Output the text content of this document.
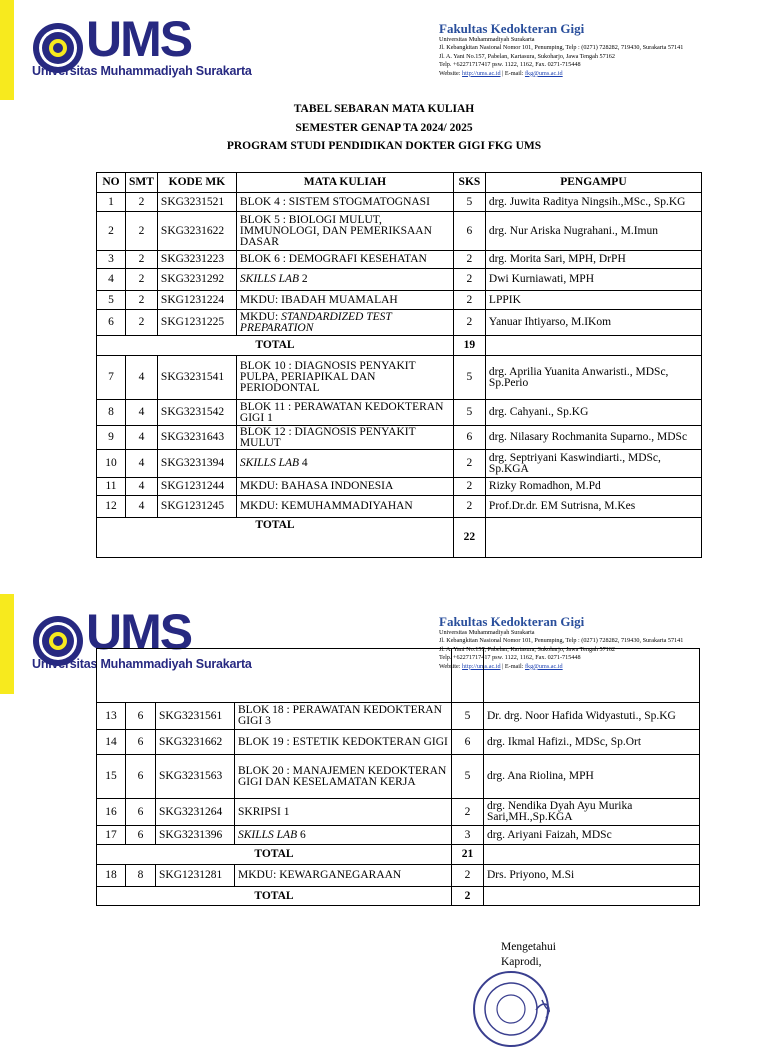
UMS
Universitas Muhammadiyah Surakarta
Fakultas Kedokteran Gigi
Universitas Muhammadiyah Surakarta
Jl. Kebangkitan Nasional Nomor 101, Penumping, Telp : (0271) 728282, 719430, Surakarta 57141
Jl. A. Yani No.157, Pabelan, Kartasura, Sukoharjo, Jawa Tengah 57162
Telp. +62271717417 psw. 1122, 1162, Fax. 0271-715448
Website: http://ums.ac.id | E-mail: fkg@ums.ac.id
TABEL SEBARAN MATA KULIAH
SEMESTER GENAP TA 2024/ 2025
PROGRAM STUDI PENDIDIKAN DOKTER GIGI FKG UMS
NO	SMT	KODE MK	MATA KULIAH	SKS	PENGAMPU
1	2	SKG3231521	BLOK 4 : SISTEM STOGMATOGNASI	5	drg. Juwita Raditya Ningsih.,MSc., Sp.KG
2	2	SKG3231622	BLOK 5 : BIOLOGI MULUT, IMMUNOLOGI, DAN PEMERIKSAAN DASAR	6	drg. Nur Ariska Nugrahani., M.Imun
3	2	SKG3231223	BLOK 6 : DEMOGRAFI KESEHATAN	2	drg. Morita Sari, MPH, DrPH
4	2	SKG3231292	SKILLS LAB 2	2	Dwi Kurniawati, MPH
5	2	SKG1231224	MKDU: IBADAH MUAMALAH	2	LPPIK
6	2	SKG1231225	MKDU: STANDARDIZED TEST PREPARATION	2	Yanuar Ihtiyarso, M.IKom
TOTAL				19	
7	4	SKG3231541	BLOK 10 : DIAGNOSIS PENYAKIT PULPA, PERIAPIKAL DAN PERIODONTAL	5	drg. Aprilia Yuanita Anwaristi., MDSc, Sp.Perio
8	4	SKG3231542	BLOK 11 : PERAWATAN KEDOKTERAN GIGI 1	5	drg. Cahyani., Sp.KG
9	4	SKG3231643	BLOK 12 : DIAGNOSIS PENYAKIT MULUT	6	drg. Nilasary Rochmanita Suparno., MDSc
10	4	SKG3231394	SKILLS LAB 4	2	drg. Septriyani Kaswindiarti., MDSc, Sp.KGA
11	4	SKG1231244	MKDU: BAHASA INDONESIA	2	Rizky Romadhon, M.Pd
12	4	SKG1231245	MKDU: KEMUHAMMADIYAHAN	2	Prof.Dr.dr. EM Sutrisna, M.Kes
TOTAL				22	
UMS
Universitas Muhammadiyah Surakarta
Fakultas Kedokteran Gigi
Universitas Muhammadiyah Surakarta
Jl. Kebangkitan Nasional Nomor 101, Penumping, Telp : (0271) 728282, 719430, Surakarta 57141
Jl. A. Yani No.157, Pabelan, Kartasura, Sukoharjo, Jawa Tengah 57162
Telp. +62271717417 psw. 1122, 1162, Fax. 0271-715448
Website: http://ums.ac.id | E-mail: fkg@ums.ac.id

13	6	SKG3231561	BLOK 18 : PERAWATAN KEDOKTERAN GIGI 3	5	Dr. drg. Noor Hafida Widyastuti., Sp.KG
14	6	SKG3231662	BLOK 19 : ESTETIK KEDOKTERAN GIGI	6	drg. Ikmal Hafizi., MDSc, Sp.Ort
15	6	SKG3231563	BLOK 20 : MANAJEMEN KEDOKTERAN GIGI DAN KESELAMATAN KERJA	5	drg. Ana Riolina, MPH
16	6	SKG3231264	SKRIPSI 1	2	drg. Nendika Dyah Ayu Murika Sari,MH.,Sp.KGA
17	6	SKG3231396	SKILLS LAB 6	3	drg. Ariyani Faizah, MDSc
TOTAL				21	
18	8	SKG1231281	MKDU: KEWARGANEGARAAN	2	Drs. Priyono, M.Si
TOTAL				2	
Mengetahui
Kaprodi,
